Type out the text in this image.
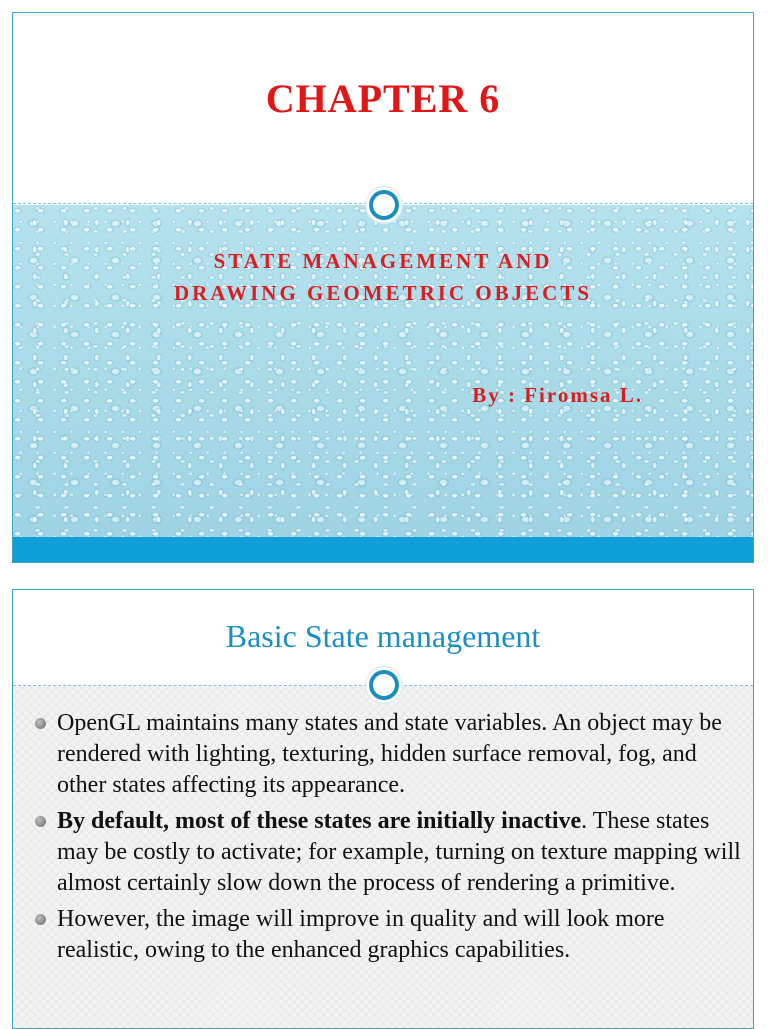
CHAPTER 6
STATE MANAGEMENT AND
DRAWING GEOMETRIC OBJECTS
By : Firomsa L.
Basic State management
OpenGL maintains many states and state variables. An object may be rendered with lighting, texturing, hidden surface removal, fog, and other states affecting its appearance.
By default, most of these states are initially inactive. These states may be costly to activate; for example, turning on texture mapping will almost certainly slow down the process of rendering a primitive.
However, the image will improve in quality and will look more realistic, owing to the enhanced graphics capabilities.
